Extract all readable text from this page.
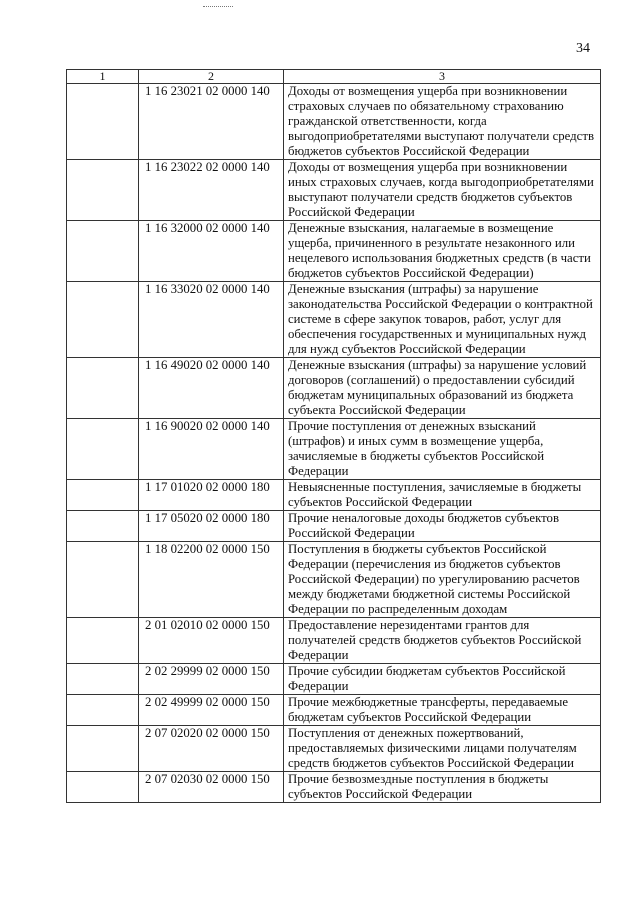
34
1	2	3
	1 16 23021 02 0000 140	Доходы от возмещения ущерба при возникновении страховых случаев по обязательному страхованию гражданской ответственности, когда выгодоприобретателями выступают получатели средств бюджетов субъектов Российской Федерации
	1 16 23022 02 0000 140	Доходы от возмещения ущерба при возникновении иных страховых случаев, когда выгодоприобретателями выступают получатели средств бюджетов субъектов Российской Федерации
	1 16 32000 02 0000 140	Денежные взыскания, налагаемые в возмещение ущерба, причиненного в результате незаконного или нецелевого использования бюджетных средств (в части бюджетов субъектов Российской Федерации)
	1 16 33020 02 0000 140	Денежные взыскания (штрафы) за нарушение законодательства Российской Федерации о контрактной системе в сфере закупок товаров, работ, услуг для обеспечения государственных и муниципальных нужд для нужд субъектов Российской Федерации
	1 16 49020 02 0000 140	Денежные взыскания (штрафы) за нарушение условий договоров (соглашений) о предоставлении субсидий бюджетам муниципальных образований из бюджета субъекта Российской Федерации
	1 16 90020 02 0000 140	Прочие поступления от денежных взысканий (штрафов) и иных сумм в возмещение ущерба, зачисляемые в бюджеты субъектов Российской Федерации
	1 17 01020 02 0000 180	Невыясненные поступления, зачисляемые в бюджеты субъектов Российской Федерации
	1 17 05020 02 0000 180	Прочие неналоговые доходы бюджетов субъектов Российской Федерации
	1 18 02200 02 0000 150	Поступления в бюджеты субъектов Российской Федерации (перечисления из бюджетов субъектов Российской Федерации) по урегулированию расчетов между бюджетами бюджетной системы Российской Федерации по распределенным доходам
	2 01 02010 02 0000 150	Предоставление нерезидентами грантов для получателей средств бюджетов субъектов Российской Федерации
	2 02 29999 02 0000 150	Прочие субсидии бюджетам субъектов Российской Федерации
	2 02 49999 02 0000 150	Прочие межбюджетные трансферты, передаваемые бюджетам субъектов Российской Федерации
	2 07 02020 02 0000 150	Поступления от денежных пожертвований, предоставляемых физическими лицами получателям средств бюджетов субъектов Российской Федерации
	2 07 02030 02 0000 150	Прочие безвозмездные поступления в бюджеты субъектов Российской Федерации
